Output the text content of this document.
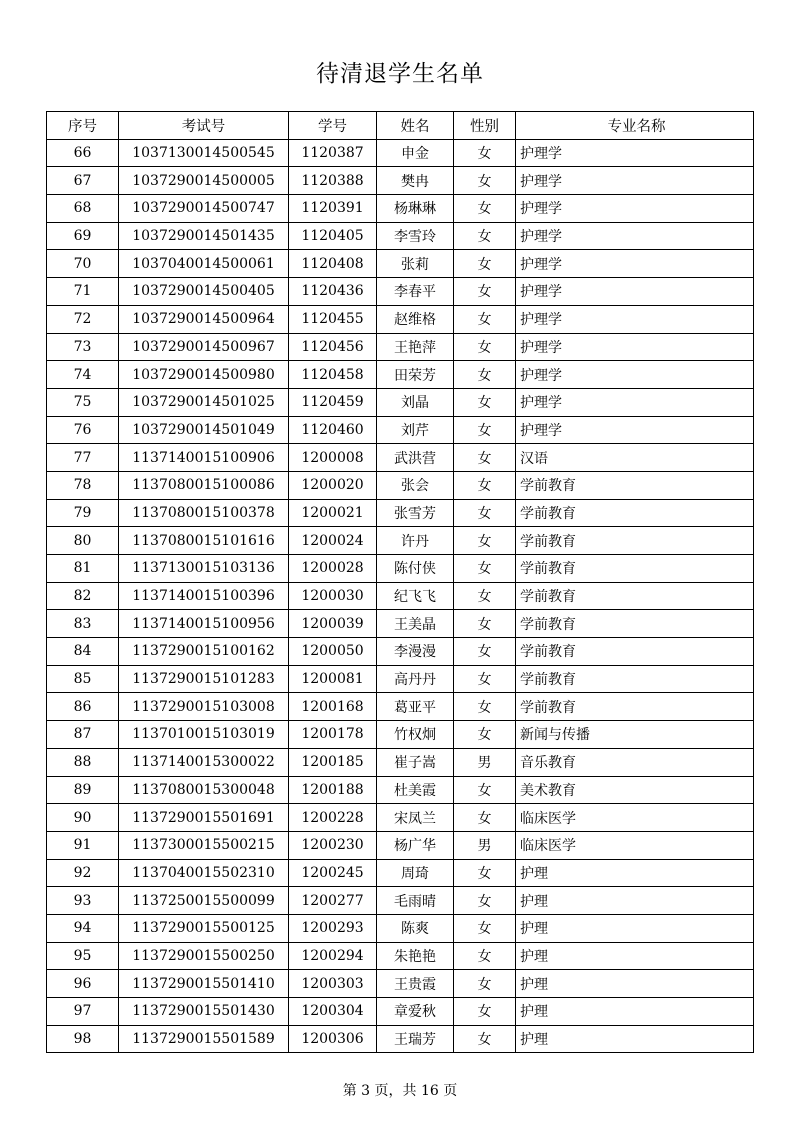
待清退学生名单
序号	考试号	学号	姓名	性别	专业名称
66	1037130014500545	1120387	申金	女	护理学
67	1037290014500005	1120388	樊冉	女	护理学
68	1037290014500747	1120391	杨琳琳	女	护理学
69	1037290014501435	1120405	李雪玲	女	护理学
70	1037040014500061	1120408	张莉	女	护理学
71	1037290014500405	1120436	李春平	女	护理学
72	1037290014500964	1120455	赵维格	女	护理学
73	1037290014500967	1120456	王艳萍	女	护理学
74	1037290014500980	1120458	田荣芳	女	护理学
75	1037290014501025	1120459	刘晶	女	护理学
76	1037290014501049	1120460	刘芹	女	护理学
77	1137140015100906	1200008	武洪营	女	汉语
78	1137080015100086	1200020	张会	女	学前教育
79	1137080015100378	1200021	张雪芳	女	学前教育
80	1137080015101616	1200024	许丹	女	学前教育
81	1137130015103136	1200028	陈付侠	女	学前教育
82	1137140015100396	1200030	纪飞飞	女	学前教育
83	1137140015100956	1200039	王美晶	女	学前教育
84	1137290015100162	1200050	李漫漫	女	学前教育
85	1137290015101283	1200081	高丹丹	女	学前教育
86	1137290015103008	1200168	葛亚平	女	学前教育
87	1137010015103019	1200178	竹权炯	女	新闻与传播
88	1137140015300022	1200185	崔子嵩	男	音乐教育
89	1137080015300048	1200188	杜美霞	女	美术教育
90	1137290015501691	1200228	宋凤兰	女	临床医学
91	1137300015500215	1200230	杨广华	男	临床医学
92	1137040015502310	1200245	周琦	女	护理
93	1137250015500099	1200277	毛雨晴	女	护理
94	1137290015500125	1200293	陈爽	女	护理
95	1137290015500250	1200294	朱艳艳	女	护理
96	1137290015501410	1200303	王贵霞	女	护理
97	1137290015501430	1200304	章爱秋	女	护理
98	1137290015501589	1200306	王瑞芳	女	护理
第 3 页，共 16 页
